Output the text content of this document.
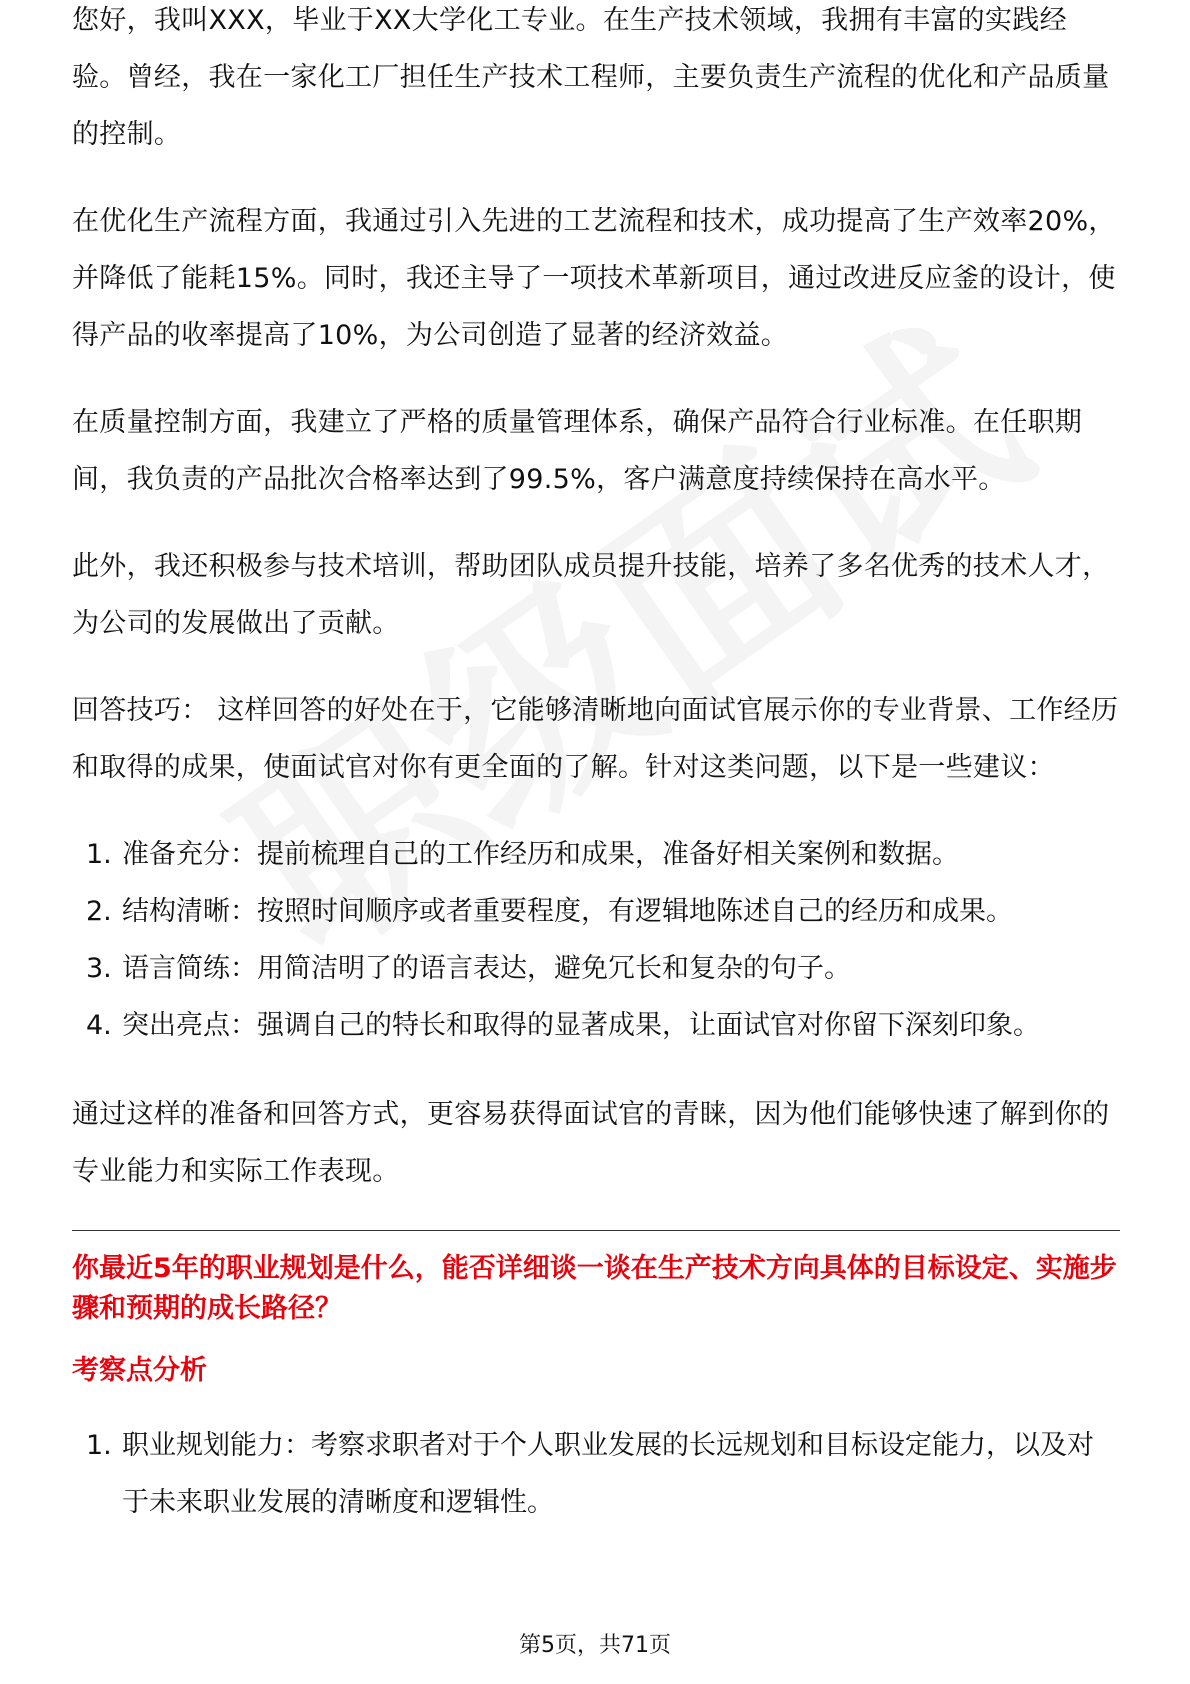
您好，我叫XXX，毕业于XX大学化工专业。在生产技术领域，我拥有丰富的实践经验。曾经，我在一家化工厂担任生产技术工程师，主要负责生产流程的优化和产品质量的控制。

在优化生产流程方面，我通过引入先进的工艺流程和技术，成功提高了生产效率20%，并降低了能耗15%。同时，我还主导了一项技术革新项目，通过改进反应釜的设计，使得产品的收率提高了10%，为公司创造了显著的经济效益。

在质量控制方面，我建立了严格的质量管理体系，确保产品符合行业标准。在任职期间，我负责的产品批次合格率达到了99.5%，客户满意度持续保持在高水平。

此外，我还积极参与技术培训，帮助团队成员提升技能，培养了多名优秀的技术人才，为公司的发展做出了贡献。

回答技巧： 这样回答的好处在于，它能够清晰地向面试官展示你的专业背景、工作经历和取得的成果，使面试官对你有更全面的了解。针对这类问题，以下是一些建议：

1. 准备充分：提前梳理自己的工作经历和成果，准备好相关案例和数据。
2. 结构清晰：按照时间顺序或者重要程度，有逻辑地陈述自己的经历和成果。
3. 语言简练：用简洁明了的语言表达，避免冗长和复杂的句子。
4. 突出亮点：强调自己的特长和取得的显著成果，让面试官对你留下深刻印象。

通过这样的准备和回答方式，更容易获得面试官的青睐，因为他们能够快速了解到你的专业能力和实际工作表现。

你最近5年的职业规划是什么，能否详细谈一谈在生产技术方向具体的目标设定、实施步骤和预期的成长路径？
考察点分析
1. 职业规划能力：考察求职者对于个人职业发展的长远规划和目标设定能力，以及对于未来职业发展的清晰度和逻辑性。
第5页，共71页
